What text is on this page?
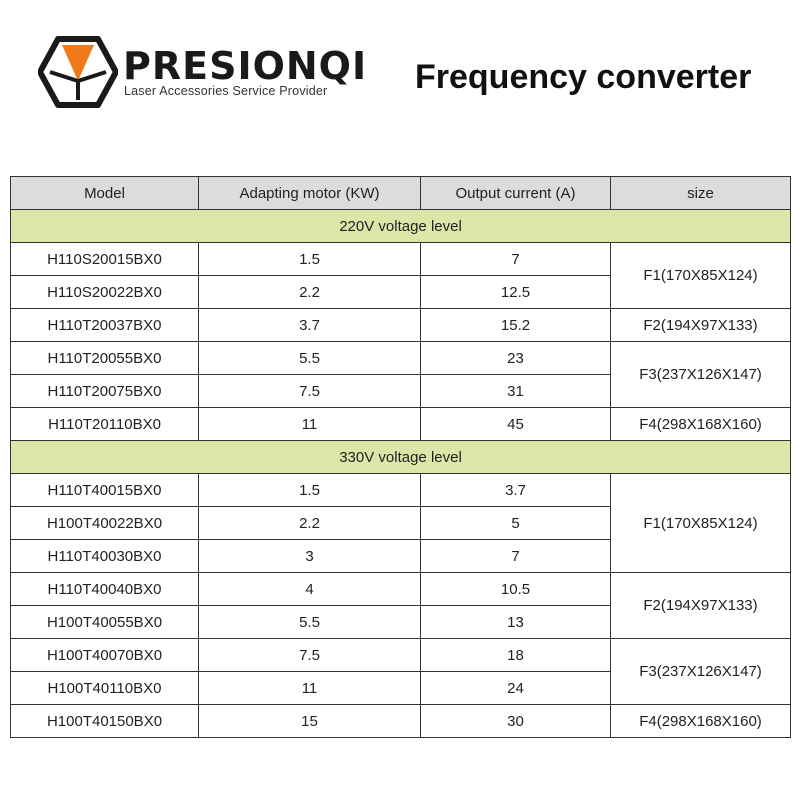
PRESIONQI
Laser Accessories Service Provider	Frequency converter
Model	Adapting motor (KW)	Output current (A)	size
220V voltage level			
H110S20015BX0	1.5	7	F1(170X85X124)
H110S20022BX0	2.2	12.5	
H110T20037BX0	3.7	15.2	F2(194X97X133)
H110T20055BX0	5.5	23	F3(237X126X147)
H110T20075BX0	7.5	31	
H110T20110BX0	11	45	F4(298X168X160)
330V voltage level			
H110T40015BX0	1.5	3.7	F1(170X85X124)
H100T40022BX0	2.2	5	
H110T40030BX0	3	7	
H110T40040BX0	4	10.5	F2(194X97X133)
H100T40055BX0	5.5	13	
H100T40070BX0	7.5	18	F3(237X126X147)
H100T40110BX0	11	24	
H100T40150BX0	15	30	F4(298X168X160)
